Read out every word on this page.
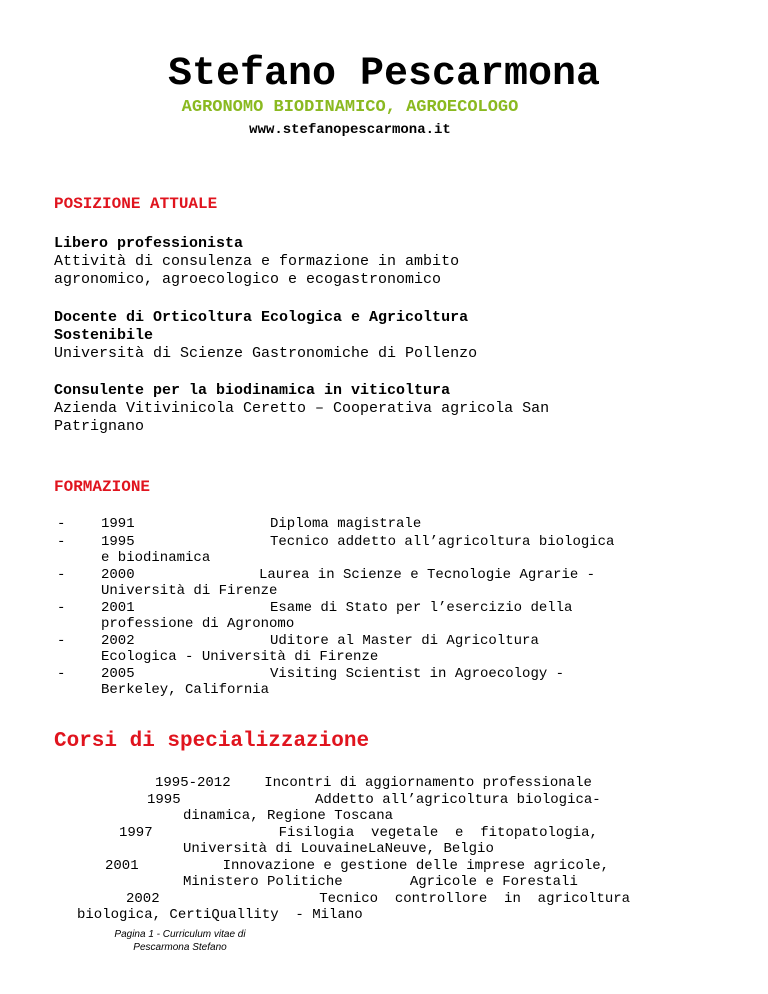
Stefano Pescarmona
AGRONOMO BIODINAMICO, AGROECOLOGO
www.stefanopescarmona.it
POSIZIONE ATTUALE
Libero professionista
Attività di consulenza e formazione in ambito
agronomico, agroecologico e ecogastronomico
Docente di Orticoltura Ecologica e Agricoltura
Sostenibile
Università di Scienze Gastronomiche di Pollenzo
Consulente per la biodinamica in viticoltura
Azienda Vitivinicola Ceretto – Cooperativa agricola San
Patrignano
FORMAZIONE
-	1991	Diploma magistrale
-	1995	Tecnico addetto all’agricoltura biologica
e biodinamica
-	2000	Laurea in Scienze e Tecnologie Agrarie -
Università di Firenze
-	2001	Esame di Stato per l’esercizio della
professione di Agronomo
-	2002	Uditore al Master di Agricoltura
Ecologica - Università di Firenze
-	2005	Visiting Scientist in Agroecology -
Berkeley, California
Corsi di specializzazione
1995-2012    Incontri di aggiornamento professionale
1995                Addetto all’agricoltura biologica-
dinamica, Regione Toscana
1997               Fisilogia  vegetale  e  fitopatologia,
Università di LouvaineLaNeuve, Belgio
2001          Innovazione e gestione delle imprese agricole,
Ministero Politiche        Agricole e Forestali
2002                   Tecnico  controllore  in  agricoltura
biologica, CertiQuallity  - Milano
Pagina 1 - Curriculum vitae di Pescarmona Stefano
